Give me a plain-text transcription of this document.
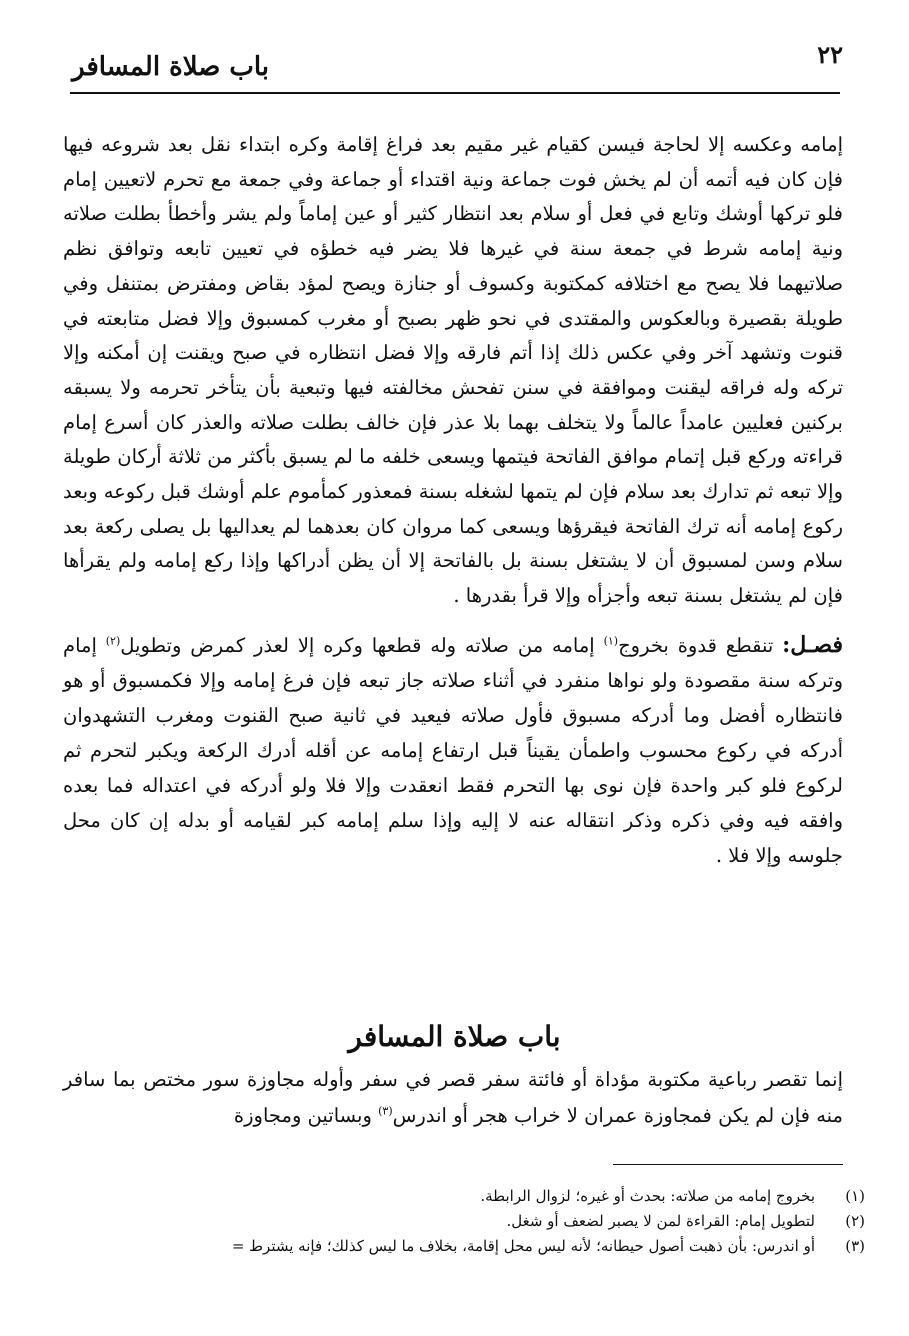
٢٢
باب صلاة المسافر

إمامه وعكسه إلا لحاجة فيسن كقيام غير مقيم بعد فراغ إقامة وكره ابتداء نقل بعد شروعه فيها فإن كان فيه أتمه أن لم يخش فوت جماعة ونية اقتداء أو جماعة وفي جمعة مع تحرم لاتعيين إمام فلو تركها أوشك وتابع في فعل أو سلام بعد انتظار كثير أو عين إماماً ولم يشر وأخطأ بطلت صلاته ونية إمامه شرط في جمعة سنة في غيرها فلا يضر فيه خطؤه في تعيين تابعه وتوافق نظم صلاتيهما فلا يصح مع اختلافه كمكتوبة وكسوف أو جنازة ويصح لمؤد بقاض ومفترض بمتنفل وفي طويلة بقصيرة وبالعكوس والمقتدى في نحو ظهر بصبح أو مغرب كمسبوق وإلا فضل متابعته في قنوت وتشهد آخر وفي عكس ذلك إذا أتم فارقه وإلا فضل انتظاره في صبح ويقنت إن أمكنه وإلا تركه وله فراقه ليقنت وموافقة في سنن تفحش مخالفته فيها وتبعية بأن يتأخر تحرمه ولا يسبقه بركنين فعليين عامداً عالماً ولا يتخلف بهما بلا عذر فإن خالف بطلت صلاته والعذر كان أسرع إمام قراءته وركع قبل إتمام موافق الفاتحة فيتمها ويسعى خلفه ما لم يسبق بأكثر من ثلاثة أركان طويلة وإلا تبعه ثم تدارك بعد سلام فإن لم يتمها لشغله بسنة فمعذور كمأموم علم أوشك قبل ركوعه وبعد ركوع إمامه أنه ترك الفاتحة فيقرؤها ويسعى كما مروان كان بعدهما لم يعداليها بل يصلى ركعة بعد سلام وسن لمسبوق أن لا يشتغل بسنة بل بالفاتحة إلا أن يظن أدراكها وإذا ركع إمامه ولم يقرأها فإن لم يشتغل بسنة تبعه وأجزأه وإلا قرأ بقدرها .

فصـل: تنقطع قدوة بخروج$^{(١)}$ إمامه من صلاته وله قطعها وكره إلا لعذر كمرض وتطويل$^{(٢)}$ إمام وتركه سنة مقصودة ولو نواها منفرد في أثناء صلاته جاز تبعه فإن فرغ إمامه وإلا فكمسبوق أو هو فانتظاره أفضل وما أدركه مسبوق فأول صلاته فيعيد في ثانية صبح القنوت ومغرب التشهدوان أدركه في ركوع محسوب واطمأن يقيناً قبل ارتفاع إمامه عن أقله أدرك الركعة ويكبر لتحرم ثم لركوع فلو كبر واحدة فإن نوى بها التحرم فقط انعقدت وإلا فلا ولو أدركه في اعتداله فما بعده وافقه فيه وفي ذكره وذكر انتقاله عنه لا إليه وإذا سلم إمامه كبر لقيامه أو بدله إن كان محل جلوسه وإلا فلا .

باب صلاة المسافر

إنما تقصر رباعية مكتوبة مؤداة أو فائتة سفر قصر في سفر وأوله مجاوزة سور مختص بما سافر منه فإن لم يكن فمجاوزة عمران لا خراب هجر أو اندرس$^{(٣)}$ وبساتين ومجاوزة

(١)
بخروج إمامه من صلاته: بحدث أو غيره؛ لزوال الرابطة.
(٢)
لتطويل إمام: القراءة لمن لا يصبر لضعف أو شغل.
(٣)
أو اندرس: بأن ذهبت أصول حيطانه؛ لأنه ليس محل إقامة، بخلاف ما ليس كذلك؛ فإنه يشترط =
